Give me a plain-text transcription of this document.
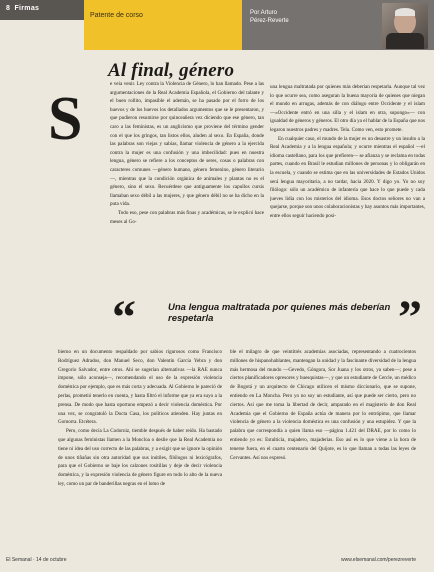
8 Firmas
Patente de corso	Por Arturo
Pérez-Reverte
Al final, género
S
e veía venir. Ley contra la Violencia de Género, lo han llamado. Pese a las argumentaciones de la Real Academia Española, el Gobierno del talante y el buen rollito, impasible el ademán, se ha pasado por el forro de los huevos y de los huevos los detallados argumentos que se le presentaron, y que pudieron resumirse por quinceañera vez diciendo que ese género, tan caro a las feministas, es un anglicismo que proviene del término gender con el que los gringos, tan listos ellos, aluden al sexo. En España, donde las palabras son viejas y sabias, llamar violencia de género a la ejercida contra la mujer es una confusión y una imbecilidad: pues en nuestra lengua, género se refiere a los conceptos de seres, cosas o palabras con caracteres comunes —género humano, género femenino, género literario—, mientras que la condición orgánica de animales y plantas no es el género, sino el sexo. Recuérdese que antiguamente los capullos cursis llamaban sexo débil a las mujeres, y que género débil no se ha dicho en la puta vida.
Todo eso, pese con palabras más finas y académicas, se le explicó hace meses al Go-
una lengua maltratada por quienes más deberían respetarla. Aunque tal vez lo que ocurre sea, como aseguran la buena mayoría de quienes que niegan el mundo en arrugas, además de con diálogo entre Occidente y el islam —«Occidente entró en una silla y el islam en otra, supongo»— con igualdad de géneros y géneros. El otro día ya el hablar de la España que nos legaron nuestros padres y madres. Tela. Como ven, esto promete.
En cualquier caso, el mundo de la mujer es un desastre y un insulto a la Real Academia y a la lengua española; y ocurre mientras el español —el idioma castellano, para los que prefieren— se afianza y se reclama en todas partes, cuando en Brasil le estudian millones de personas y lo obligarán en la escuela, y cuando se estima que en las universidades de Estados Unidos será lengua mayoritaria, a no tardar, hacia 2020. Y digo yo. Yo no soy filólogo: sólo un académico de infantería que hace lo que puede y cada jueves lidia con los misterios del idioma. Esos doctos señores no van a quejarse, porque son unos colaboracionistas y hay asuntos más importantes, entre ellos seguir haciendo posi-
“	Una lengua maltratada por quienes más deberían respetarla	”
bierno en un documento respaldado por sabios rigurosos como Francisco Rodríguez Adrados, don Manuel Seco, don Valentín García Yebra y don Gregorio Salvador, entre otros. Ahí se sugerían alternativas —la RAE nunca impone, sólo aconseja—, recomendando el uso de la expresión violencia doméstica por ejemplo, que es más corta y adecuada. Al Gobierno le pareció de perlas, prometió tenerlo en cuenta, y hasta filtró el informe que ya era suyo a la prensa. De modo que hasta oportuno empezó a decir violencia doméstica. Por una vez, se congratuló la Docta Casa, los políticos atienden. Hay juntas en Gomorra. Etcétera.
Pero, como decía La Codorniz, tiemble después de haber reído. Ha bastado que algunas feministas llamen a la Moncloa o deslie que la Real Academia no tiene ni idea del uso correcto de las palabras, y a exigir que se ignore la opinión de unos tiñañas sin otra autoridad que sus inútiles, filólogos ni lexicógrafos, para que el Gobierno se baje los calzones rositillas y deje de decir violencia doméstica, y la expresión violencia de género figure en todo lo alto de la nueva ley, como un par de banderillas negras en el lomo de
ble el milagro de que veintitrés academias asociadas, representando a cuatrocientos millones de hispanohablantes, mantengan la unidad y la fascinante diversidad de la lengua más hermosa del mundo —Gevedo, Góngora, Sor Juana y los otros, ya saben—; pese a ciertos planificadores opresores y huesquistas—, y que un estudiante de Cercle, un médico de Bogotá y un arquitecto de Chicago utilicen el mismo diccionario, que se supone, entiendo en La Moncha. Pero yo no soy un estudiante, así que puede ser cierto, pero no ciertos. Así que me toma la libertad de decir, amparado en el magisterio de don Real Academia que el Gobierno de España actúa de manera por lo entrópimo, que llamar violencia de género a la violencia doméstica es una confusión y una estupidez. Y que la palabra que correspondía a quien llama eso —página 1.421 del DRAE, por lo como lo entiendo yo es: Estulticia, majadero, majaderías. Eso así es lo que viene a la hora de tenerse fuera, en el cuarto centenario del Quijote, es lo que llaman a todas las leyes de Cervantes. Así nos expresó.
El Semanal · 14 de octubre	www.elsemanal.com/perezreverte
